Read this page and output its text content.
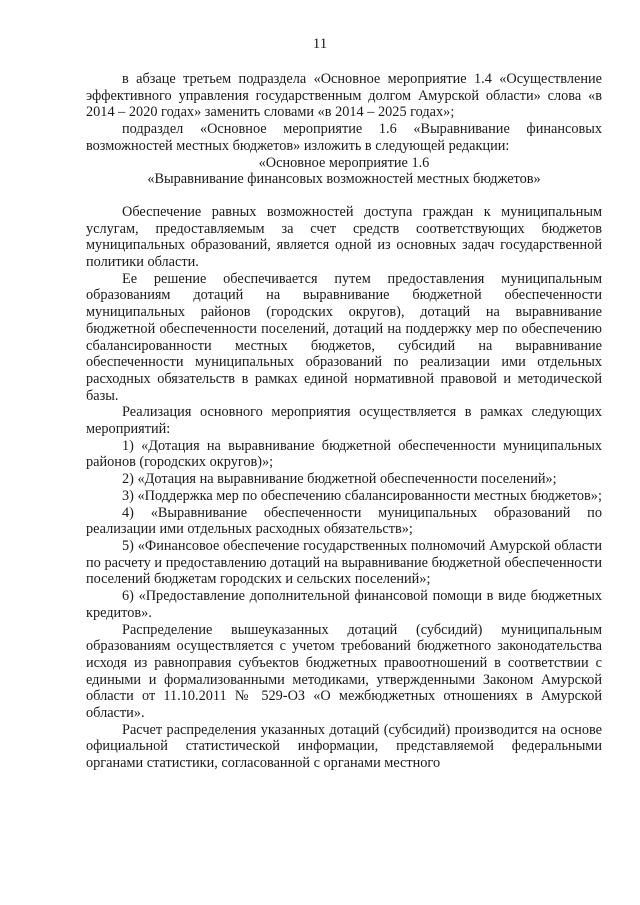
11

в абзаце третьем подраздела «Основное мероприятие 1.4 «Осуществление эффективного управления государственным долгом Амурской области» слова «в 2014 – 2020 годах» заменить словами «в 2014 – 2025 годах»;

подраздел «Основное мероприятие 1.6 «Выравнивание финансовых возможностей местных бюджетов» изложить в следующей редакции:

«Основное мероприятие 1.6

«Выравнивание финансовых возможностей местных бюджетов»

Обеспечение равных возможностей доступа граждан к муниципальным услугам, предоставляемым за счет средств соответствующих бюджетов муниципальных образований, является одной из основных задач государственной политики области.

Ее решение обеспечивается путем предоставления муниципальным образованиям дотаций на выравнивание бюджетной обеспеченности муниципальных районов (городских округов), дотаций на выравнивание бюджетной обеспеченности поселений, дотаций на поддержку мер по обеспечению сбалансированности местных бюджетов, субсидий на выравнивание обеспеченности муниципальных образований по реализации ими отдельных расходных обязательств в рамках единой нормативной правовой и методической базы.

Реализация основного мероприятия осуществляется в рамках следующих мероприятий:

1) «Дотация на выравнивание бюджетной обеспеченности муниципальных районов (городских округов)»;

2) «Дотация на выравнивание бюджетной обеспеченности поселений»;

3) «Поддержка мер по обеспечению сбалансированности местных бюджетов»;

4) «Выравнивание обеспеченности муниципальных образований по реализации ими отдельных расходных обязательств»;

5) «Финансовое обеспечение государственных полномочий Амурской области по расчету и предоставлению дотаций на выравнивание бюджетной обеспеченности поселений бюджетам городских и сельских поселений»;

6) «Предоставление дополнительной финансовой помощи в виде бюджетных кредитов».

Распределение вышеуказанных дотаций (субсидий) муниципальным образованиям осуществляется с учетом требований бюджетного законодательства исходя из равноправия субъектов бюджетных правоотношений в соответствии с едиными и формализованными методиками, утвержденными Законом Амурской области от 11.10.2011 № 529-ОЗ «О межбюджетных отношениях в Амурской области».

Расчет распределения указанных дотаций (субсидий) производится на основе официальной статистической информации, представляемой федеральными органами статистики, согласованной с органами местного
